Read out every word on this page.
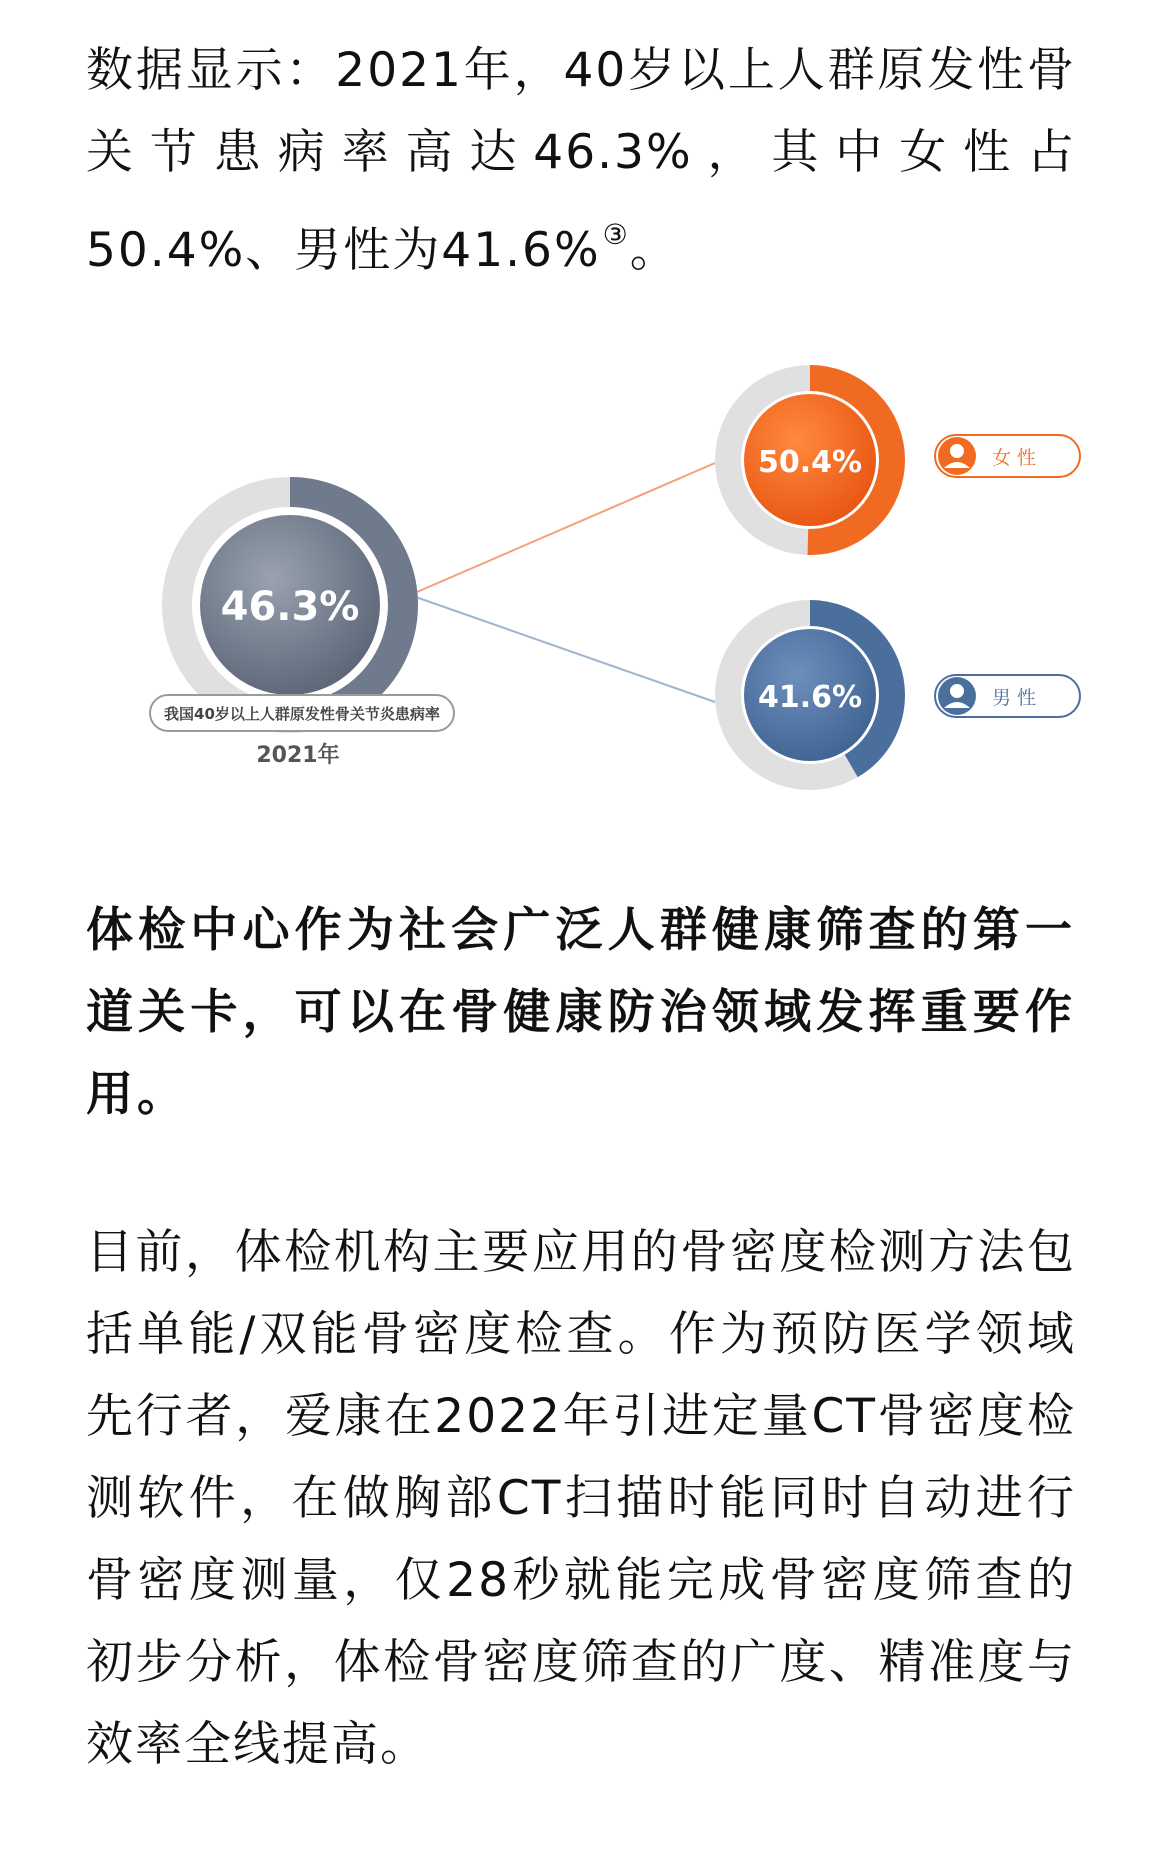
数据显示：2021年，40岁以上人群原发性骨关节患病率高达46.3%，其中女性占50.4%、男性为41.6%③。

46.3%
我国40岁以上人群原发性骨关节炎患病率
2021年
50.4%	女 性
41.6%	男 性

体检中心作为社会广泛人群健康筛查的第一道关卡，可以在骨健康防治领域发挥重要作用。

目前，体检机构主要应用的骨密度检测方法包括单能/双能骨密度检查。作为预防医学领域先行者，爱康在2022年引进定量CT骨密度检测软件，在做胸部CT扫描时能同时自动进行骨密度测量，仅28秒就能完成骨密度筛查的初步分析，体检骨密度筛查的广度、精准度与效率全线提高。
